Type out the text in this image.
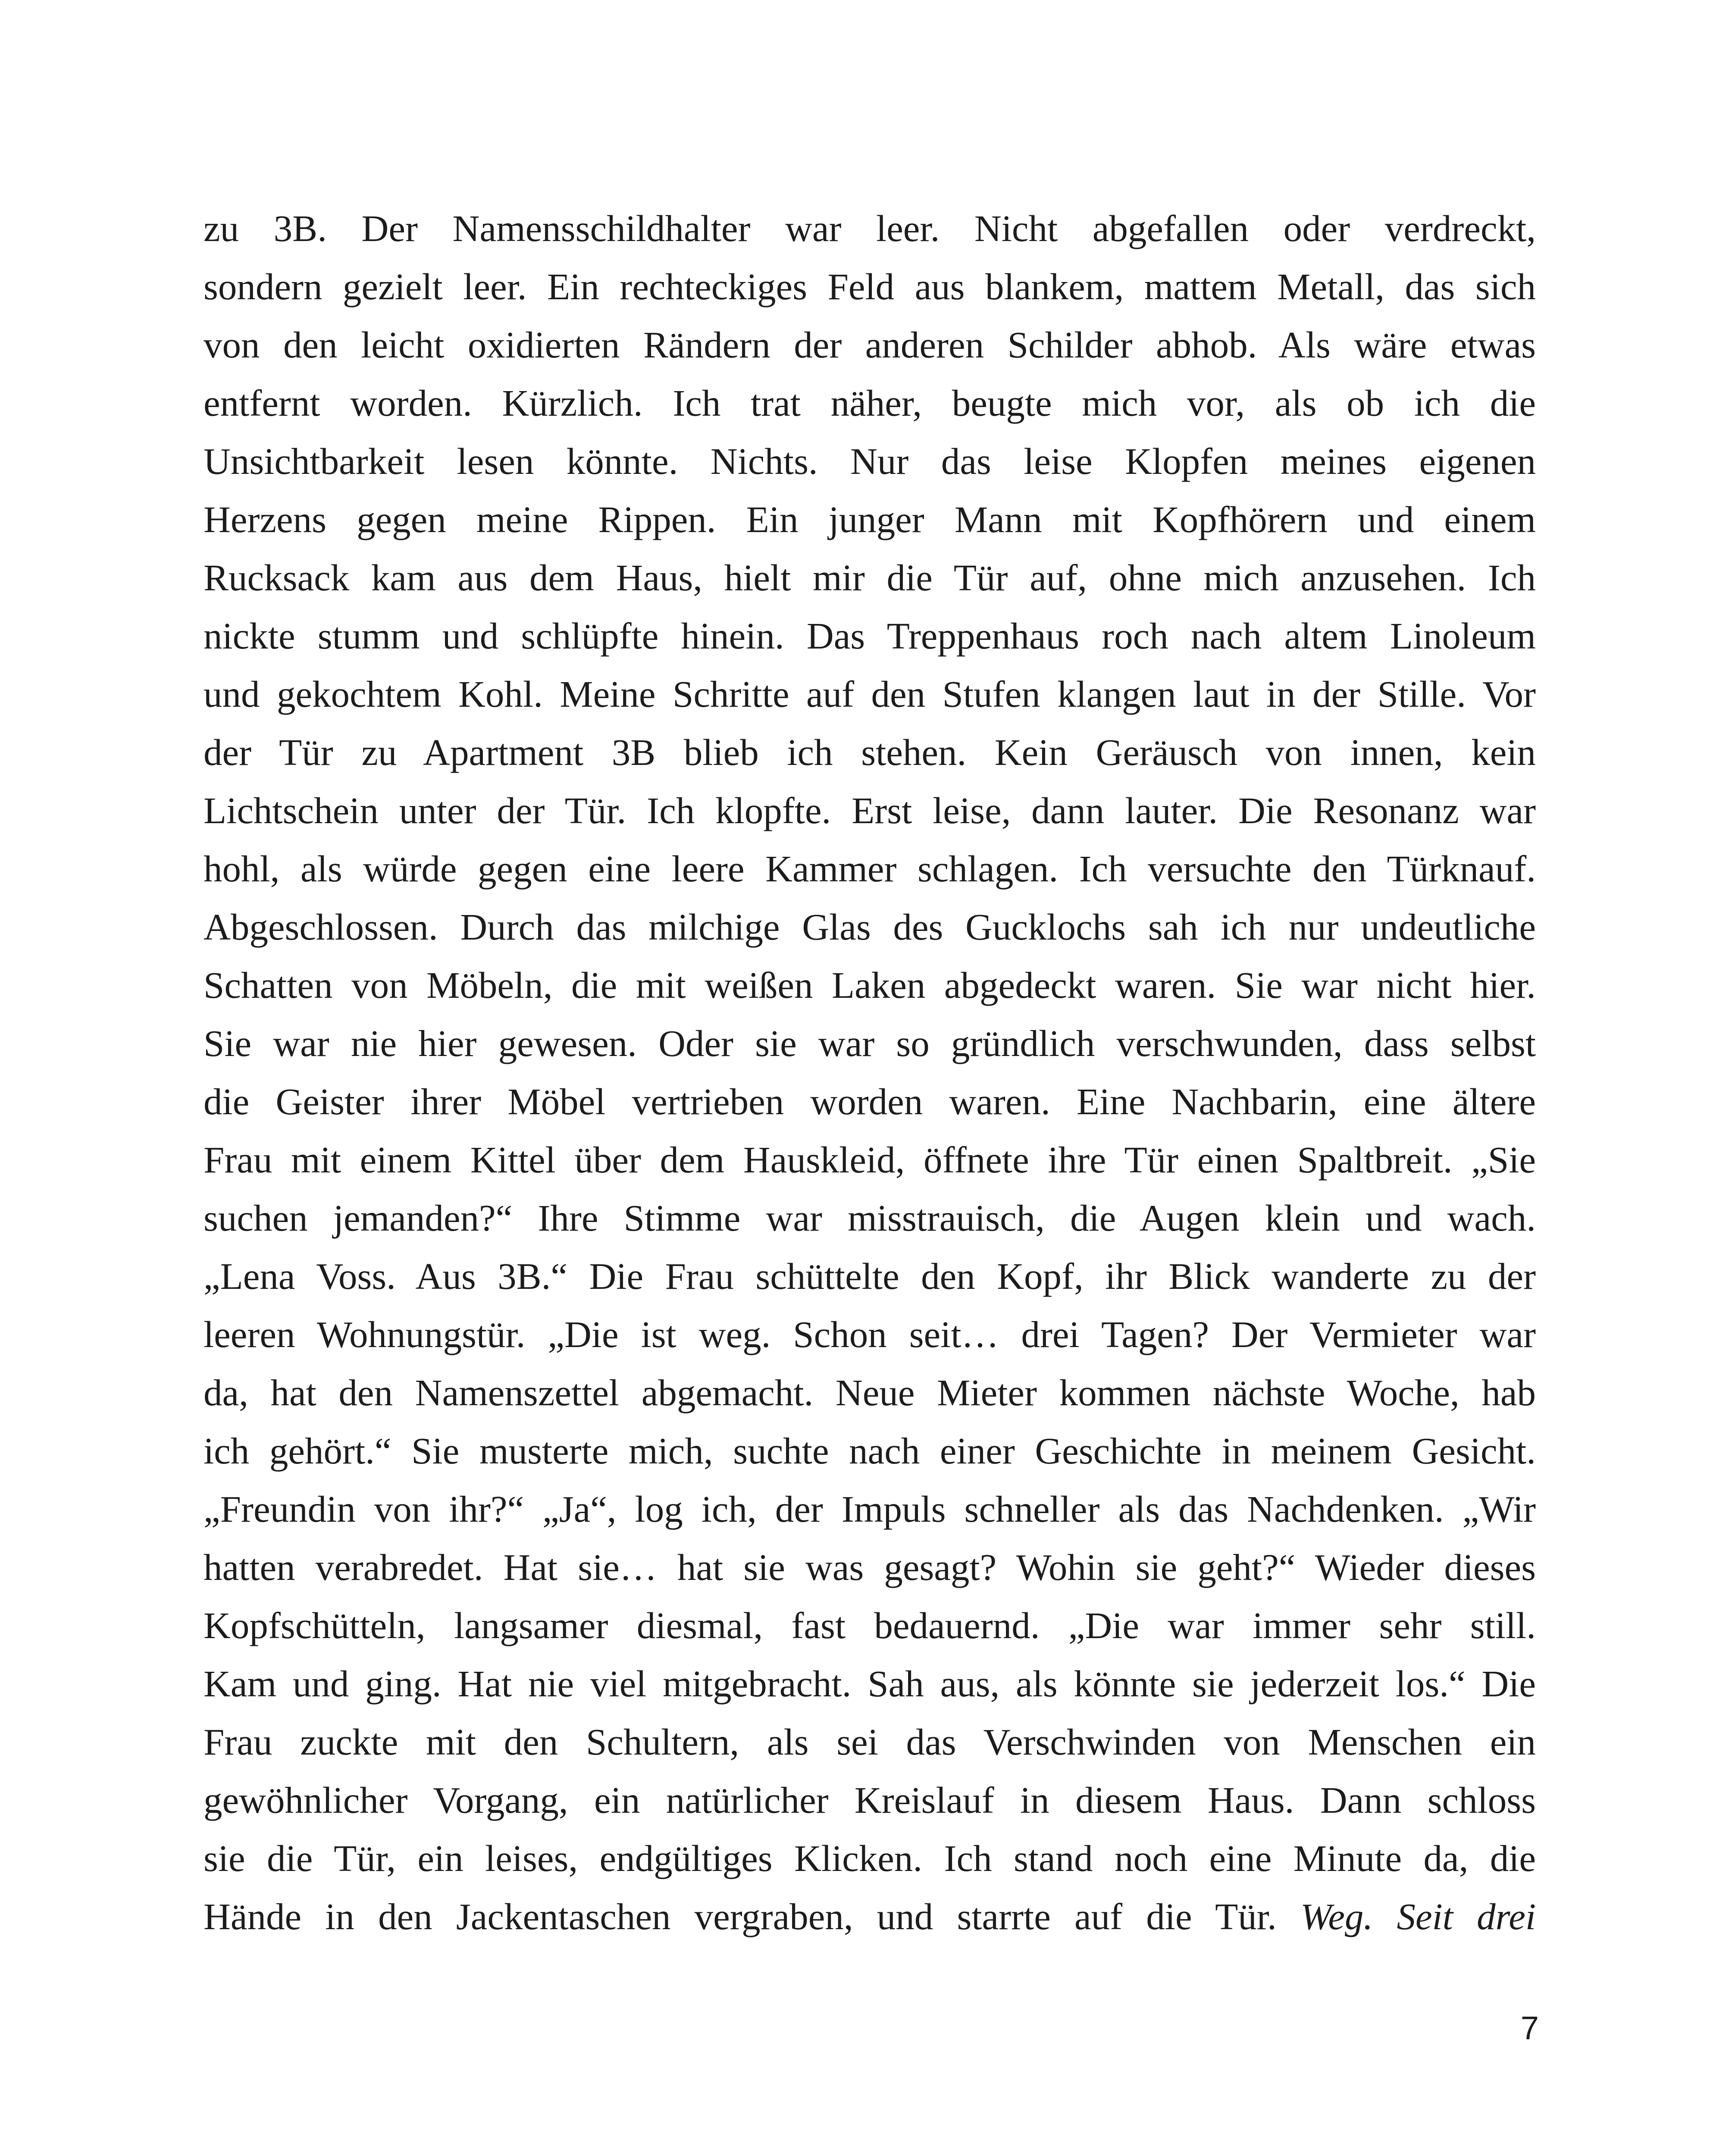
zu 3B. Der Namensschildhalter war leer. Nicht abgefallen oder verdreckt,
sondern gezielt leer. Ein rechteckiges Feld aus blankem, mattem Metall, das sich
von den leicht oxidierten Rändern der anderen Schilder abhob. Als wäre etwas
entfernt worden. Kürzlich. Ich trat näher, beugte mich vor, als ob ich die
Unsichtbarkeit lesen könnte. Nichts. Nur das leise Klopfen meines eigenen
Herzens gegen meine Rippen. Ein junger Mann mit Kopfhörern und einem
Rucksack kam aus dem Haus, hielt mir die Tür auf, ohne mich anzusehen. Ich
nickte stumm und schlüpfte hinein. Das Treppenhaus roch nach altem Linoleum
und gekochtem Kohl. Meine Schritte auf den Stufen klangen laut in der Stille. Vor
der Tür zu Apartment 3B blieb ich stehen. Kein Geräusch von innen, kein
Lichtschein unter der Tür. Ich klopfte. Erst leise, dann lauter. Die Resonanz war
hohl, als würde gegen eine leere Kammer schlagen. Ich versuchte den Türknauf.
Abgeschlossen. Durch das milchige Glas des Gucklochs sah ich nur undeutliche
Schatten von Möbeln, die mit weißen Laken abgedeckt waren. Sie war nicht hier.
Sie war nie hier gewesen. Oder sie war so gründlich verschwunden, dass selbst
die Geister ihrer Möbel vertrieben worden waren. Eine Nachbarin, eine ältere
Frau mit einem Kittel über dem Hauskleid, öffnete ihre Tür einen Spaltbreit. „Sie
suchen jemanden?“ Ihre Stimme war misstrauisch, die Augen klein und wach.
„Lena Voss. Aus 3B.“ Die Frau schüttelte den Kopf, ihr Blick wanderte zu der
leeren Wohnungstür. „Die ist weg. Schon seit… drei Tagen? Der Vermieter war
da, hat den Namenszettel abgemacht. Neue Mieter kommen nächste Woche, hab
ich gehört.“ Sie musterte mich, suchte nach einer Geschichte in meinem Gesicht.
„Freundin von ihr?“ „Ja“, log ich, der Impuls schneller als das Nachdenken. „Wir
hatten verabredet. Hat sie… hat sie was gesagt? Wohin sie geht?“ Wieder dieses
Kopfschütteln, langsamer diesmal, fast bedauernd. „Die war immer sehr still.
Kam und ging. Hat nie viel mitgebracht. Sah aus, als könnte sie jederzeit los.“ Die
Frau zuckte mit den Schultern, als sei das Verschwinden von Menschen ein
gewöhnlicher Vorgang, ein natürlicher Kreislauf in diesem Haus. Dann schloss
sie die Tür, ein leises, endgültiges Klicken. Ich stand noch eine Minute da, die
Hände in den Jackentaschen vergraben, und starrte auf die Tür. Weg. Seit drei
7
